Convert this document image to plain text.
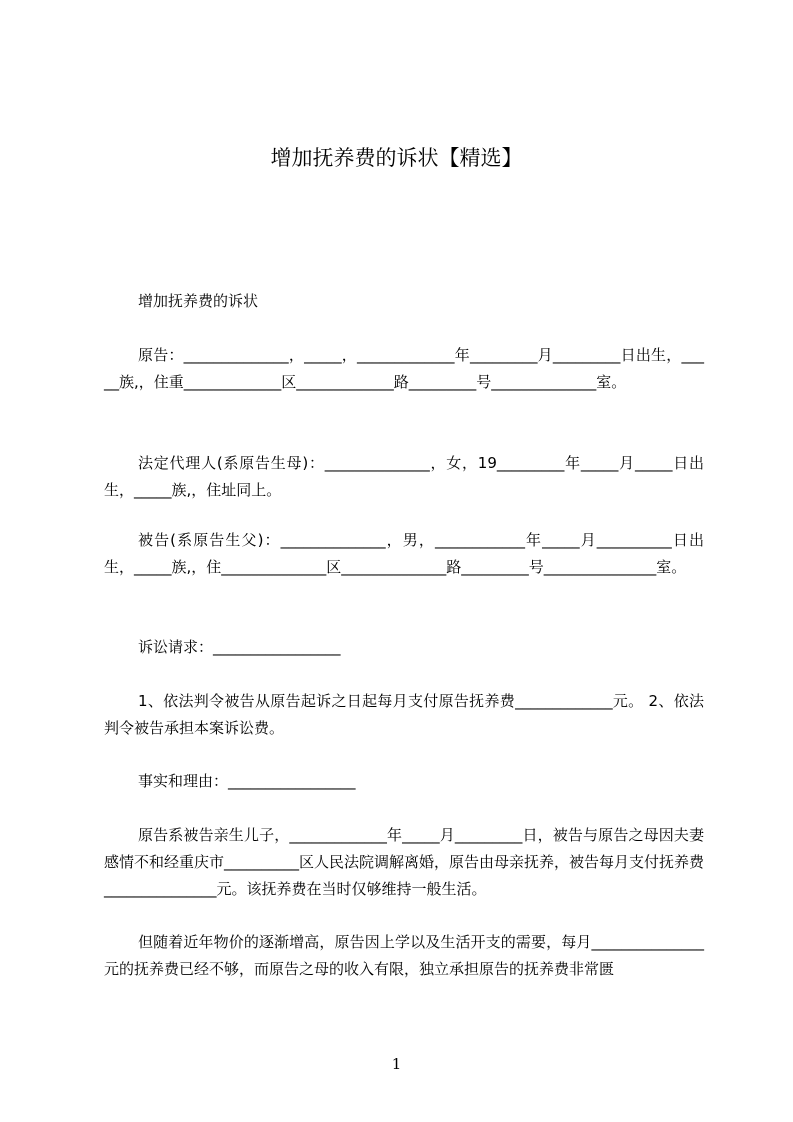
增加抚养费的诉状【精选】

增加抚养费的诉状

原告：______________，_____，_____________年_________月_________日出生，_____族,，住重_____________区_____________路_________号______________室。

法定代理人(系原告生母)：______________，女，19_________年_____月_____日出生，_____族,，住址同上。

被告(系原告生父)：______________，男，____________年_____月__________日出生，_____族,，住______________区______________路_________号_______________室。

诉讼请求：_________________

1、依法判令被告从原告起诉之日起每月支付原告抚养费_____________元。 2、依法判令被告承担本案诉讼费。

事实和理由：_________________

原告系被告亲生儿子，_____________年_____月_________日，被告与原告之母因夫妻感情不和经重庆市__________区人民法院调解离婚，原告由母亲抚养，被告每月支付抚养费_______________元。该抚养费在当时仅够维持一般生活。

但随着近年物价的逐渐增高，原告因上学以及生活开支的需要，每月_______________元的抚养费已经不够，而原告之母的收入有限，独立承担原告的抚养费非常匮

1
